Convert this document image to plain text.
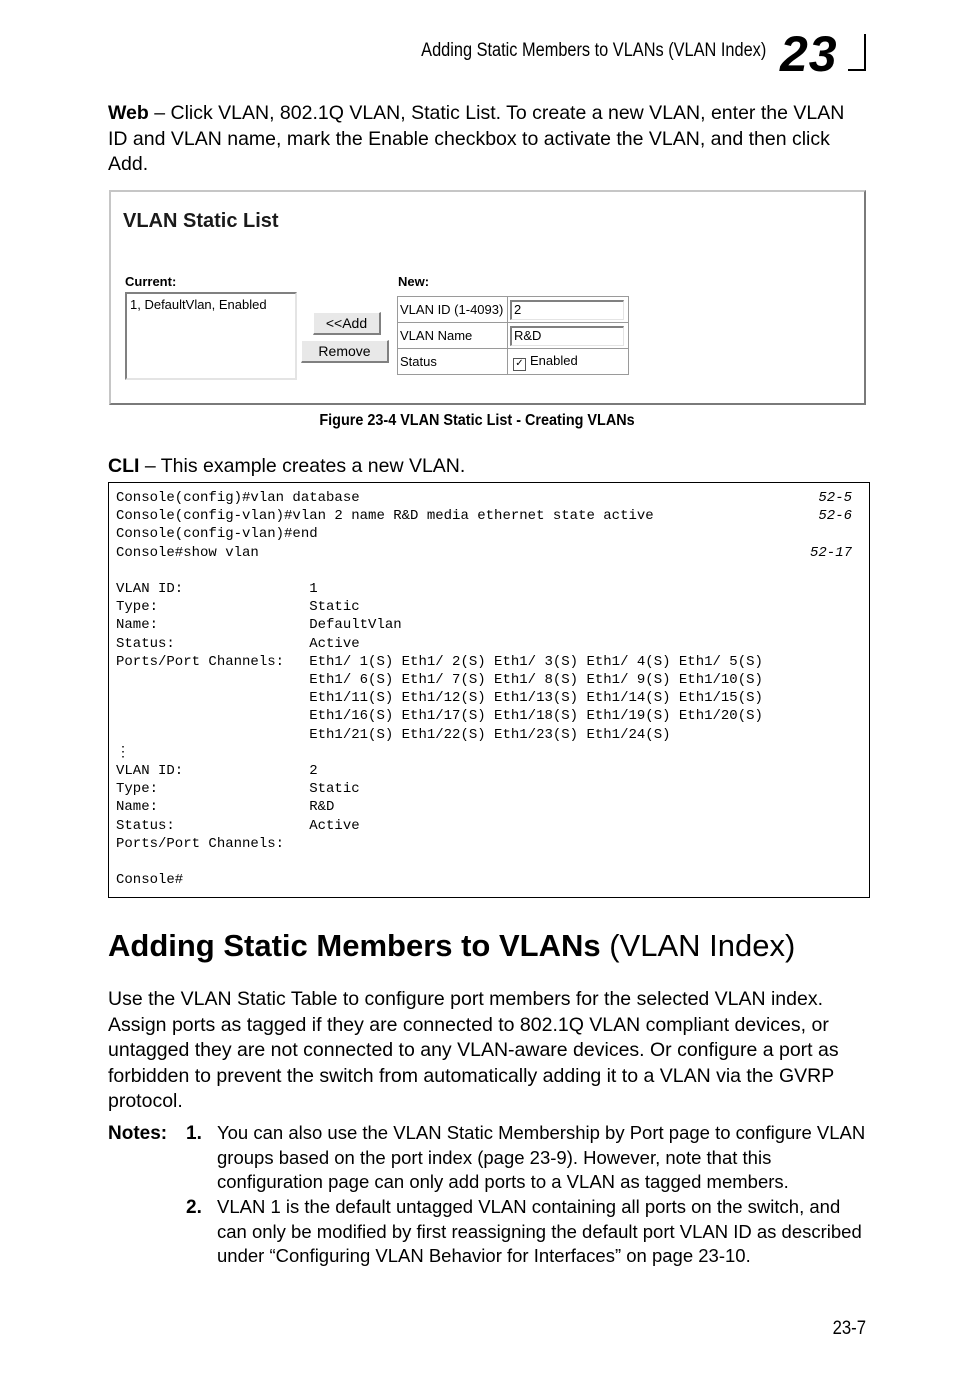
Adding Static Members to VLANs (VLAN Index) 23

Web – Click VLAN, 802.1Q VLAN, Static List. To create a new VLAN, enter the VLAN ID and VLAN name, mark the Enable checkbox to activate the VLAN, and then click Add.

VLAN Static List
Current:	New:
1, DefaultVlan, Enabled
<<Add
Remove
VLAN ID (1-4093)	2

VLAN Name	R&D

Status	✓ Enabled
Figure 23-4 VLAN Static List - Creating VLANs

CLI – This example creates a new VLAN.

Console(config)#vlan database	52-5
Console(config-vlan)#vlan 2 name R&D media ethernet state active	52-6
Console(config-vlan)#end
Console#show vlan	52-17
VLAN ID:               1
Type:                  Static
Name:                  DefaultVlan
Status:                Active
Ports/Port Channels:   Eth1/ 1(S) Eth1/ 2(S) Eth1/ 3(S) Eth1/ 4(S) Eth1/ 5(S)
Eth1/ 6(S) Eth1/ 7(S) Eth1/ 8(S) Eth1/ 9(S) Eth1/10(S)
Eth1/11(S) Eth1/12(S) Eth1/13(S) Eth1/14(S) Eth1/15(S)
Eth1/16(S) Eth1/17(S) Eth1/18(S) Eth1/19(S) Eth1/20(S)
Eth1/21(S) Eth1/22(S) Eth1/23(S) Eth1/24(S)
⋮
VLAN ID:               2
Type:                  Static
Name:                  R&D
Status:                Active
Ports/Port Channels:
Console#
Adding Static Members to VLANs (VLAN Index)

Use the VLAN Static Table to configure port members for the selected VLAN index. Assign ports as tagged if they are connected to 802.1Q VLAN compliant devices, or untagged they are not connected to any VLAN-aware devices. Or configure a port as forbidden to prevent the switch from automatically adding it to a VLAN via the GVRP protocol.

Notes: 1. You can also use the VLAN Static Membership by Port page to configure VLAN groups based on the port index (page 23-9). However, note that this configuration page can only add ports to a VLAN as tagged members.

2. VLAN 1 is the default untagged VLAN containing all ports on the switch, and can only be modified by first reassigning the default port VLAN ID as described under “Configuring VLAN Behavior for Interfaces” on page 23-10.

23-7
